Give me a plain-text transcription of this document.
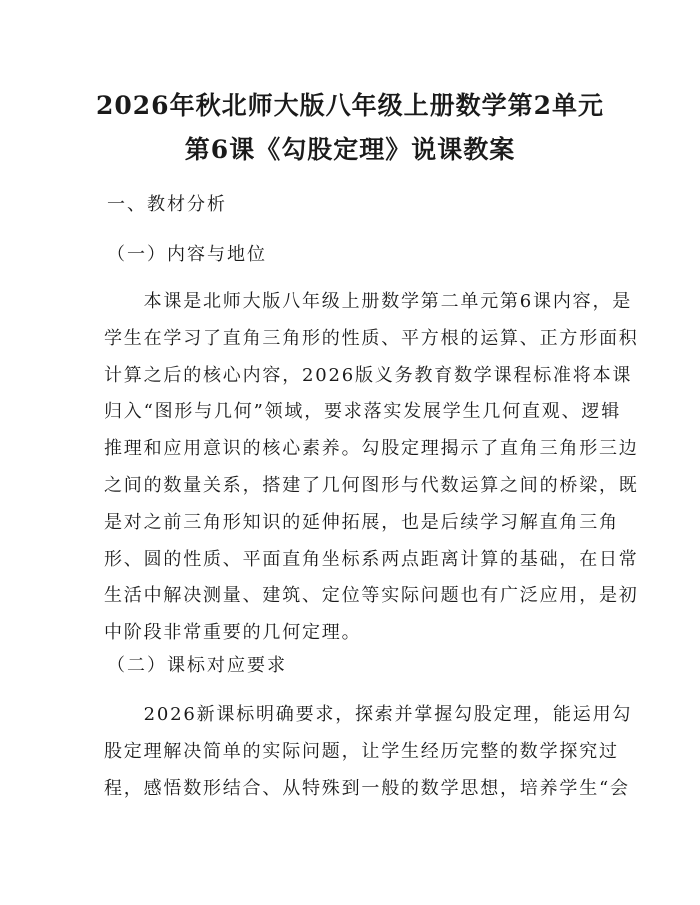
2026年秋北师大版八年级上册数学第2单元
第6课《勾股定理》说课教案
一、教材分析
（一）内容与地位
　　本课是北师大版八年级上册数学第二单元第6课内容，是
学生在学习了直角三角形的性质、平方根的运算、正方形面积
计算之后的核心内容，2026版义务教育数学课程标准将本课
归入“图形与几何”领域，要求落实发展学生几何直观、逻辑
推理和应用意识的核心素养。勾股定理揭示了直角三角形三边
之间的数量关系，搭建了几何图形与代数运算之间的桥梁，既
是对之前三角形知识的延伸拓展，也是后续学习解直角三角
形、圆的性质、平面直角坐标系两点距离计算的基础，在日常
生活中解决测量、建筑、定位等实际问题也有广泛应用，是初
中阶段非常重要的几何定理。
（二）课标对应要求
　　2026新课标明确要求，探索并掌握勾股定理，能运用勾
股定理解决简单的实际问题，让学生经历完整的数学探究过
程，感悟数形结合、从特殊到一般的数学思想，培养学生“会
